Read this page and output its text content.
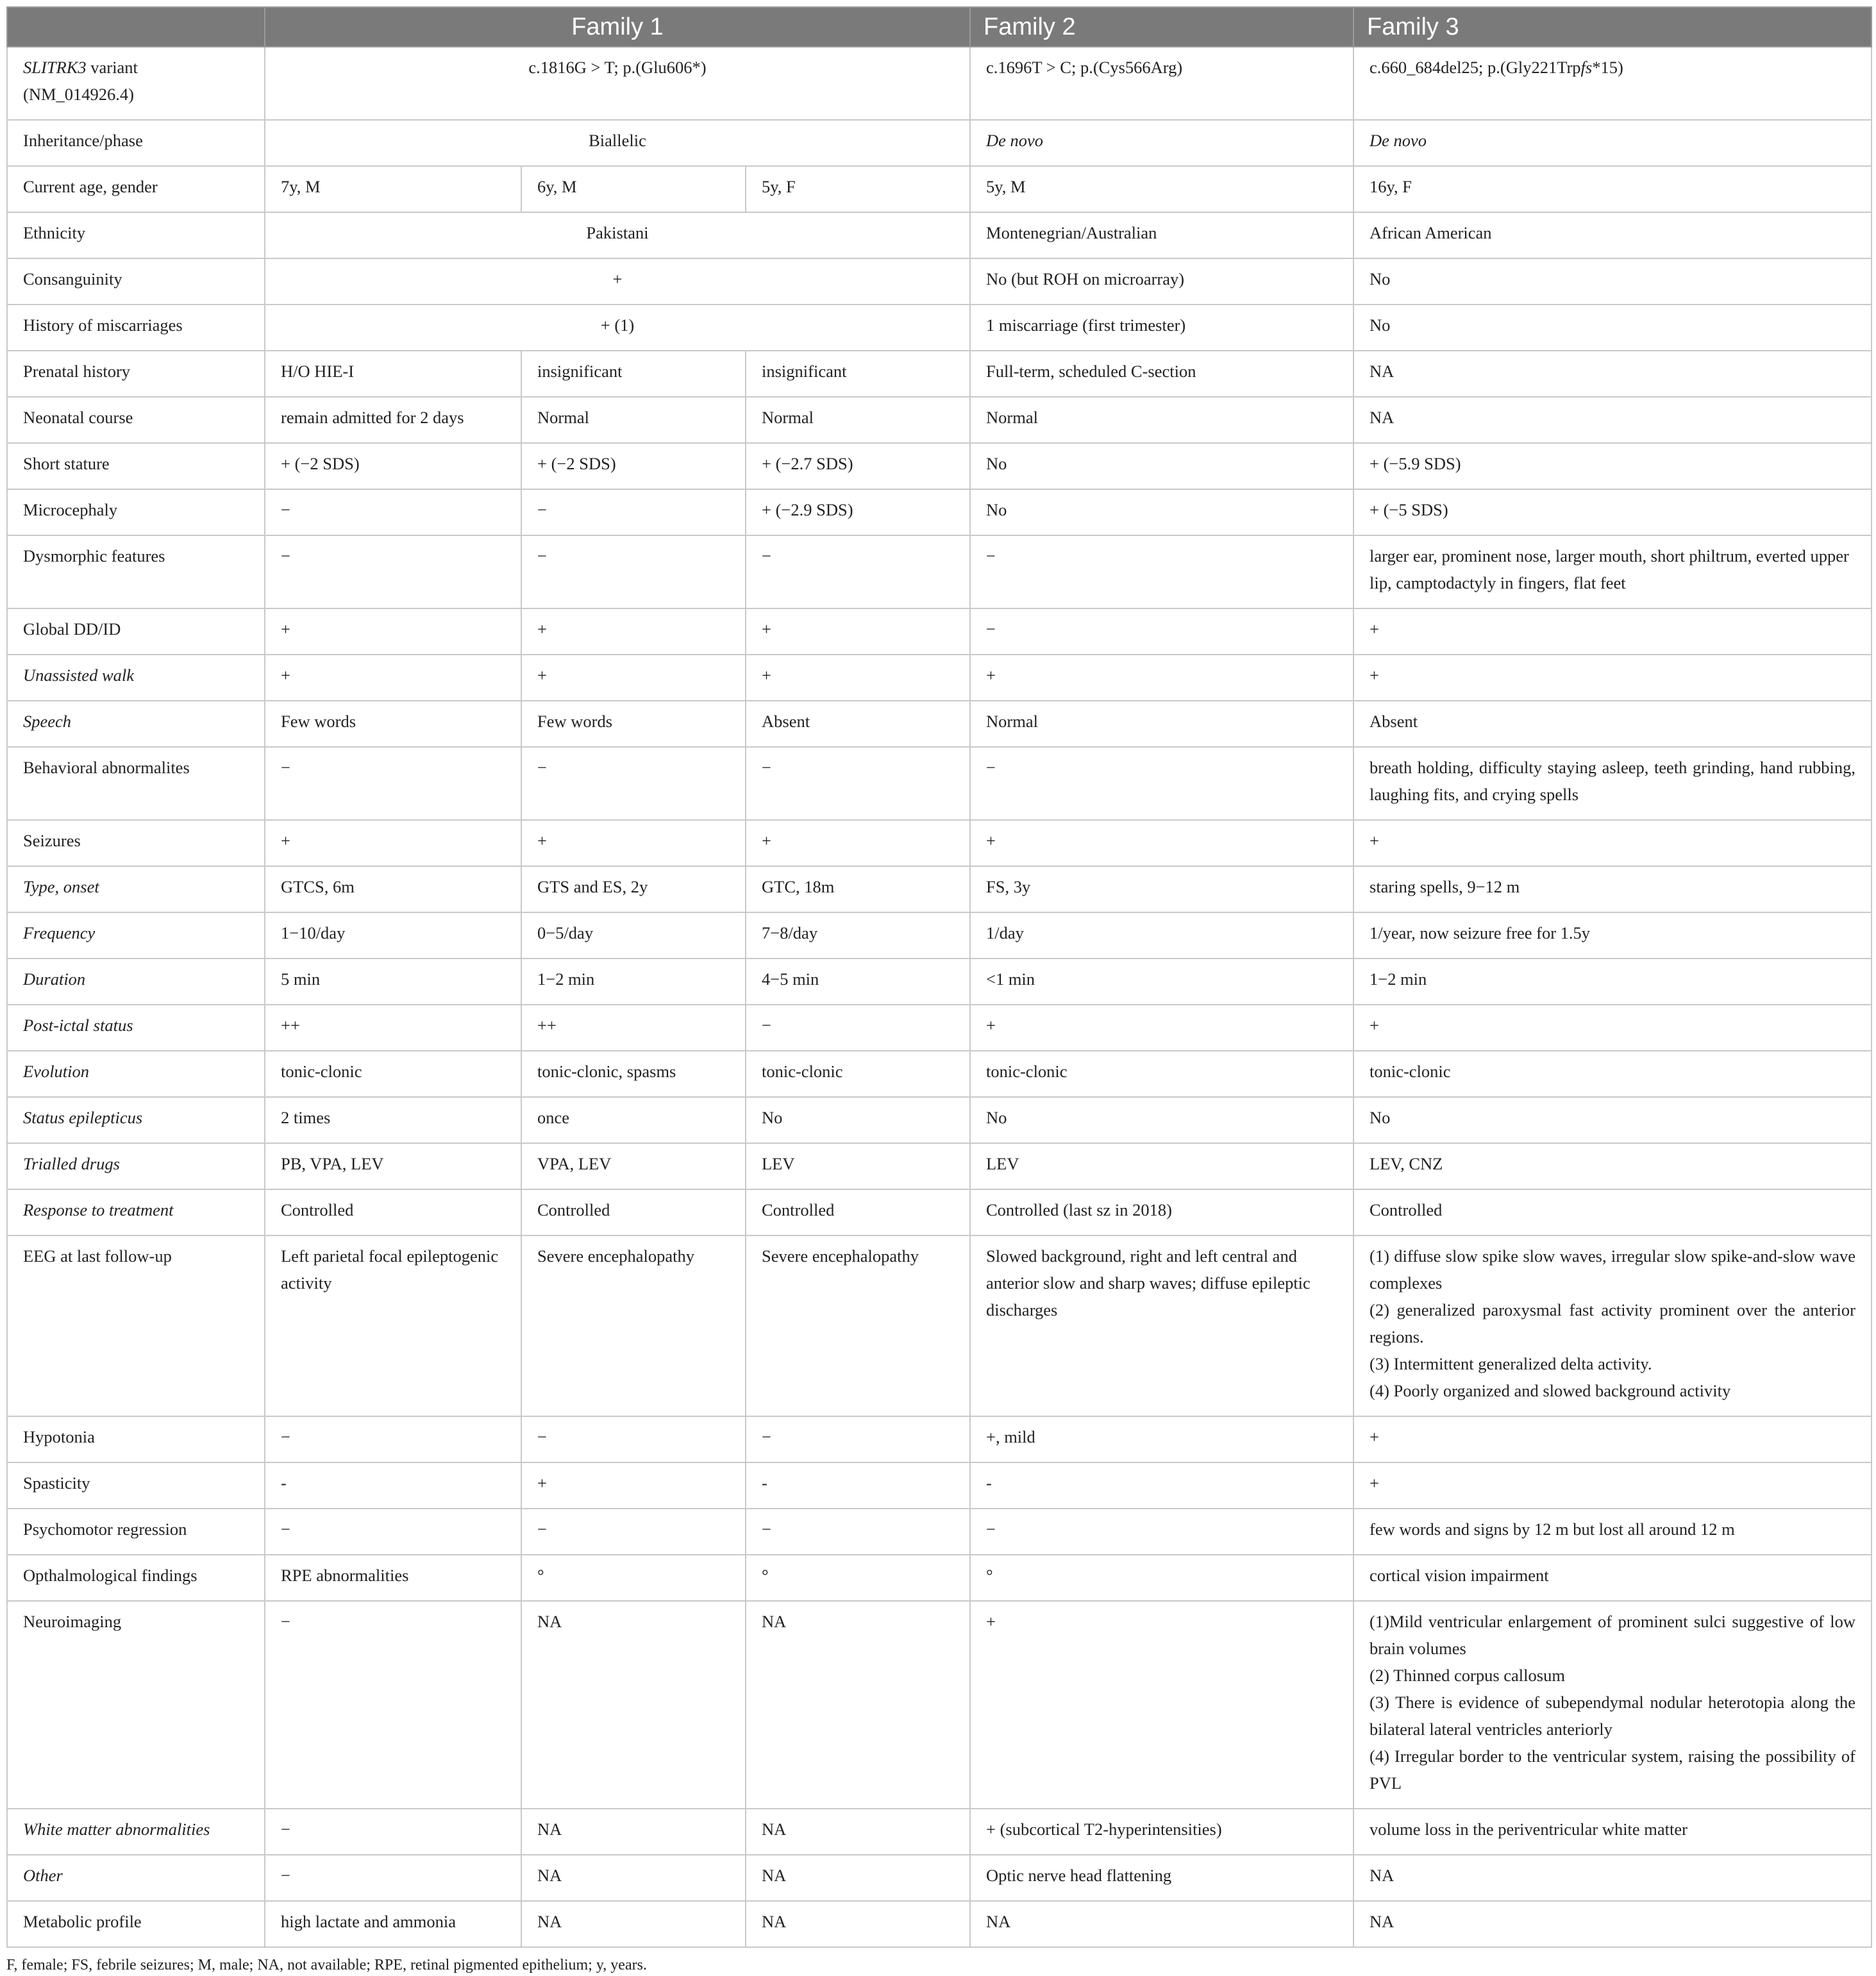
	Family 1			Family 2	Family 3
SLITRK3 variant (NM_014926.4)	c.1816G > T; p.(Glu606*)			c.1696T > C; p.(Cys566Arg)	c.660_684del25; p.(Gly221Trpfs*15)
Inheritance/phase	Biallelic			De novo	De novo
Current age, gender	7y, M	6y, M	5y, F	5y, M	16y, F
Ethnicity	Pakistani			Montenegrian/Australian	African American
Consanguinity	+			No (but ROH on microarray)	No
History of miscarriages	+ (1)			1 miscarriage (first trimester)	No
Prenatal history	H/O HIE-I	insignificant	insignificant	Full-term, scheduled C-section	NA
Neonatal course	remain admitted for 2 days	Normal	Normal	Normal	NA
Short stature	+ (−2 SDS)	+ (−2 SDS)	+ (−2.7 SDS)	No	+ (−5.9 SDS)
Microcephaly	−	−	+ (−2.9 SDS)	No	+ (−5 SDS)
Dysmorphic features	−	−	−	−	larger ear, prominent nose, larger mouth, short philtrum, everted upper lip, camptodactyly in fingers, flat feet
Global DD/ID	+	+	+	−	+
Unassisted walk	+	+	+	+	+
Speech	Few words	Few words	Absent	Normal	Absent
Behavioral abnormalites	−	−	−	−	breath holding, difficulty staying asleep, teeth grinding, hand rubbing, laughing fits, and crying spells
Seizures	+	+	+	+	+
Type, onset	GTCS, 6m	GTS and ES, 2y	GTC, 18m	FS, 3y	staring spells, 9−12 m
Frequency	1−10/day	0−5/day	7−8/day	1/day	1/year, now seizure free for 1.5y
Duration	5 min	1−2 min	4−5 min	<1 min	1−2 min
Post-ictal status	++	++	−	+	+
Evolution	tonic-clonic	tonic-clonic, spasms	tonic-clonic	tonic-clonic	tonic-clonic
Status epilepticus	2 times	once	No	No	No
Trialled drugs	PB, VPA, LEV	VPA, LEV	LEV	LEV	LEV, CNZ
Response to treatment	Controlled	Controlled	Controlled	Controlled (last sz in 2018)	Controlled
EEG at last follow-up	Left parietal focal epileptogenic activity	Severe encephalopathy	Severe encephalopathy	Slowed background, right and left central and anterior slow and sharp waves; diffuse epileptic discharges	(1) diffuse slow spike slow waves, irregular slow spike-and-slow wave complexes
(2) generalized paroxysmal fast activity prominent over the anterior regions.
(3) Intermittent generalized delta activity.
(4) Poorly organized and slowed background activity
Hypotonia	−	−	−	+, mild	+
Spasticity	-	+	-	-	+
Psychomotor regression	−	−	−	−	few words and signs by 12 m but lost all around 12 m
Opthalmological findings	RPE abnormalities	°	°	°	cortical vision impairment
Neuroimaging	−	NA	NA	+	(1)Mild ventricular enlargement of prominent sulci suggestive of low brain volumes
(2) Thinned corpus callosum
(3) There is evidence of subependymal nodular heterotopia along the bilateral lateral ventricles anteriorly
(4) Irregular border to the ventricular system, raising the possibility of PVL
White matter abnormalities	−	NA	NA	+ (subcortical T2-hyperintensities)	volume loss in the periventricular white matter
Other	−	NA	NA	Optic nerve head flattening	NA
Metabolic profile	high lactate and ammonia	NA	NA	NA	NA
F, female; FS, febrile seizures; M, male; NA, not available; RPE, retinal pigmented epithelium; y, years.
